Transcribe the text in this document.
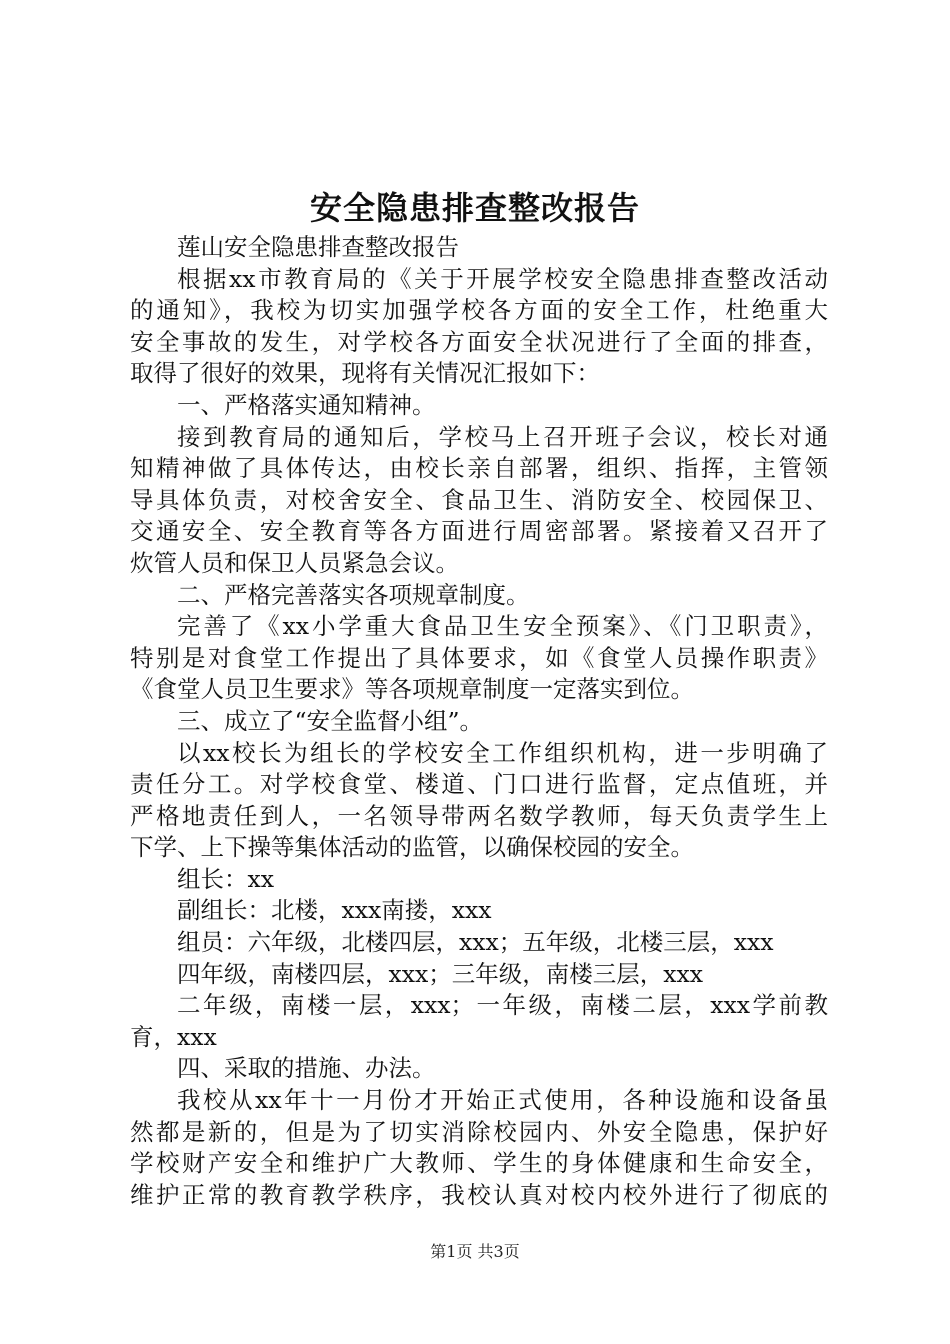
安全隐患排查整改报告
莲山安全隐患排查整改报告
根据xx市教育局的《关于开展学校安全隐患排查整改活动
的通知》，我校为切实加强学校各方面的安全工作，杜绝重大
安全事故的发生，对学校各方面安全状况进行了全面的排查，
取得了很好的效果，现将有关情况汇报如下：
一、严格落实通知精神。
接到教育局的通知后，学校马上召开班子会议，校长对通
知精神做了具体传达，由校长亲自部署，组织、指挥，主管领
导具体负责，对校舍安全、食品卫生、消防安全、校园保卫、
交通安全、安全教育等各方面进行周密部署。紧接着又召开了
炊管人员和保卫人员紧急会议。
二、严格完善落实各项规章制度。
完善了《xx小学重大食品卫生安全预案》、《门卫职责》，
特别是对食堂工作提出了具体要求，如《食堂人员操作职责》
《食堂人员卫生要求》等各项规章制度一定落实到位。
三、成立了“安全监督小组”。
以xx校长为组长的学校安全工作组织机构，进一步明确了
责任分工。对学校食堂、楼道、门口进行监督，定点值班，并
严格地责任到人，一名领导带两名数学教师，每天负责学生上
下学、上下操等集体活动的监管，以确保校园的安全。
组长：xx
副组长：北楼，xxx南搂，xxx
组员：六年级，北楼四层，xxx；五年级，北楼三层，xxx
四年级，南楼四层，xxx；三年级，南楼三层，xxx
二年级，南楼一层，xxx；一年级，南楼二层，xxx学前教
育，xxx
四、采取的措施、办法。
我校从xx年十一月份才开始正式使用，各种设施和设备虽
然都是新的，但是为了切实消除校园内、外安全隐患，保护好
学校财产安全和维护广大教师、学生的身体健康和生命安全，
维护正常的教育教学秩序，我校认真对校内校外进行了彻底的
第1页 共3页
